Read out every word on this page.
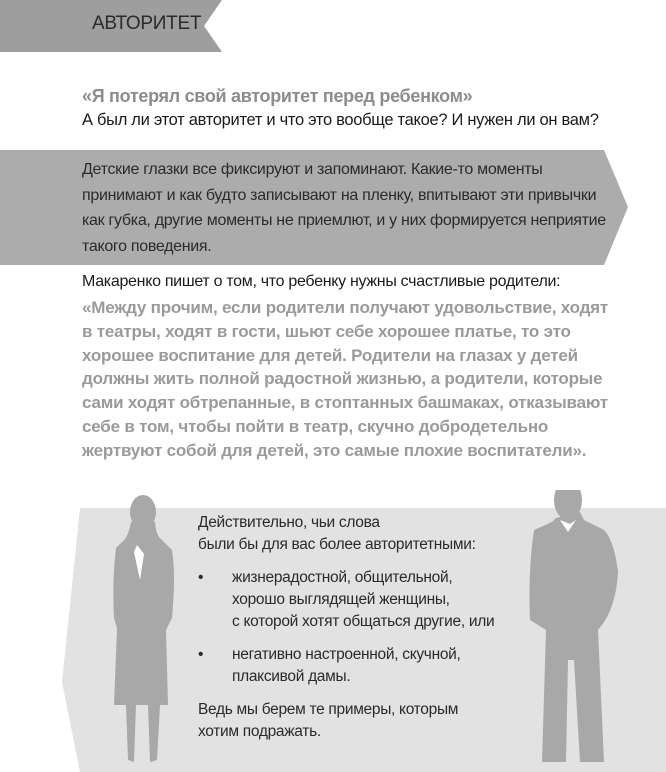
АВТОРИТЕТ
«Я потерял свой авторитет перед ребенком»
А был ли этот авторитет и что это вообще такое? И нужен ли он вам?
Детские глазки все фиксируют и запоминают. Какие-то моменты принимают и как будто записывают на пленку, впитывают эти привычки как губка, другие моменты не приемлют, и у них формируется неприятие такого поведения.
Макаренко пишет о том, что ребенку нужны счастливые родители:
«Между прочим, если родители получают удовольствие, ходят в театры, ходят в гости, шьют себе хорошее платье, то это хорошее воспитание для детей. Родители на глазах у детей должны жить полной радостной жизнью, а родители, которые сами ходят обтрепанные, в стоптанных башмаках, отказывают себе в том, чтобы пойти в театр, скучно добродетельно жертвуют собой для детей, это самые плохие воспитатели».

Действительно, чьи слова

были бы для вас более авторитетными:

•	жизнерадостной, общительной,
хорошо выглядящей женщины,
с которой хотят общаться другие, или
•	негативно настроенной, скучной,
плаксивой дамы.

Ведь мы берем те примеры, которым

хотим подражать.
